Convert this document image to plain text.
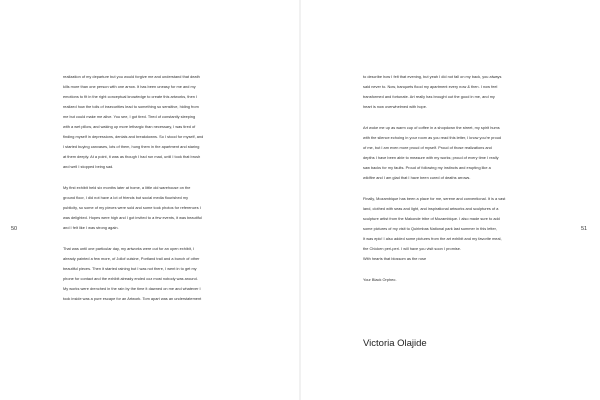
50

realization of my departure but you would forgive me and understand that death
kills more than one person with one arrow. It has been uneasy for me and my
emotions to fit in the right conceptual knowledge to create this artworks, then I
realized how the toils of insecurities lead to something so sensitive, hiding from
me but could make me alive. You see, I got tired. Tired of constantly sleeping
with a wet pillow, and waking up more lethargic than necessary, I was tired of
finding myself in depressions, denials and breakdowns. So I stood for myself, and
I started buying canvases, lots of them, hung them in the apartment and staring
at them deeply. At a point, it was as though I had run mad, until I took that brush
and well I stopped being sad.

My first exhibit held six months later at home, a little old warehouse on the
ground floor, I did not have a lot of friends but social media flourished my
publicity, so some of my pieces were sold and some took photos for references I
was delighted. Hopes were high and I got invited to a few events, it was beautiful
and I felt like I was strong again.

That was until one particular day, my artworks were out for an open exhibit, I
already painted a few more, of Jollof cuisine, Portland trail and a bunch of other
beautiful pieces. Then it started raining but I was not there, I went in to get my
phone for contact and the exhibit already ended coz most nobody was around.
My works were drenched in the rain by the time it dawned on me and whatever I
took inside was a pure escape for an Artwork. Tom apart was an understatement

51

to describe how I felt that evening, but yeah I did not fall on my back, you always
said never to. Now, banquets flood my apartment every now & then. I now feel
transformed and fortunate. Art really has brought out the good in me, and my
heart is now overwhelmed with hope.

Art woke me up as warm cup of coffee in a shopdown the street, my spirit hums
with the silence echoing in your room as you read this letter, I know you're proud
of me, but I am even more proud of myself. Proud of those realizations and
depths I have been able to measure with my works; proud of every time I really
saw backs for my faults. Proud of following my instincts and erupting like a
wildfire and I am glad that I have been cured of deaths arrows.

Finally, Mozambique has been a place for me, serene and conventional. It is a vast
land, clothed with seas and light, and inspirational artworks and sculptures of a
sculpture artist from the Makonde tribe of Mozambique. I also made sure to add
some pictures of my visit to Quirimbas National park last summer in this letter,
It was epic! I also added some pictures from the art exhibit and my favorite meal,
the Chicken peri-peri. I will have you visit soon I promise.
With hearts that blossom as the rose

Your Black Orpheo.

Victoria Olajide
